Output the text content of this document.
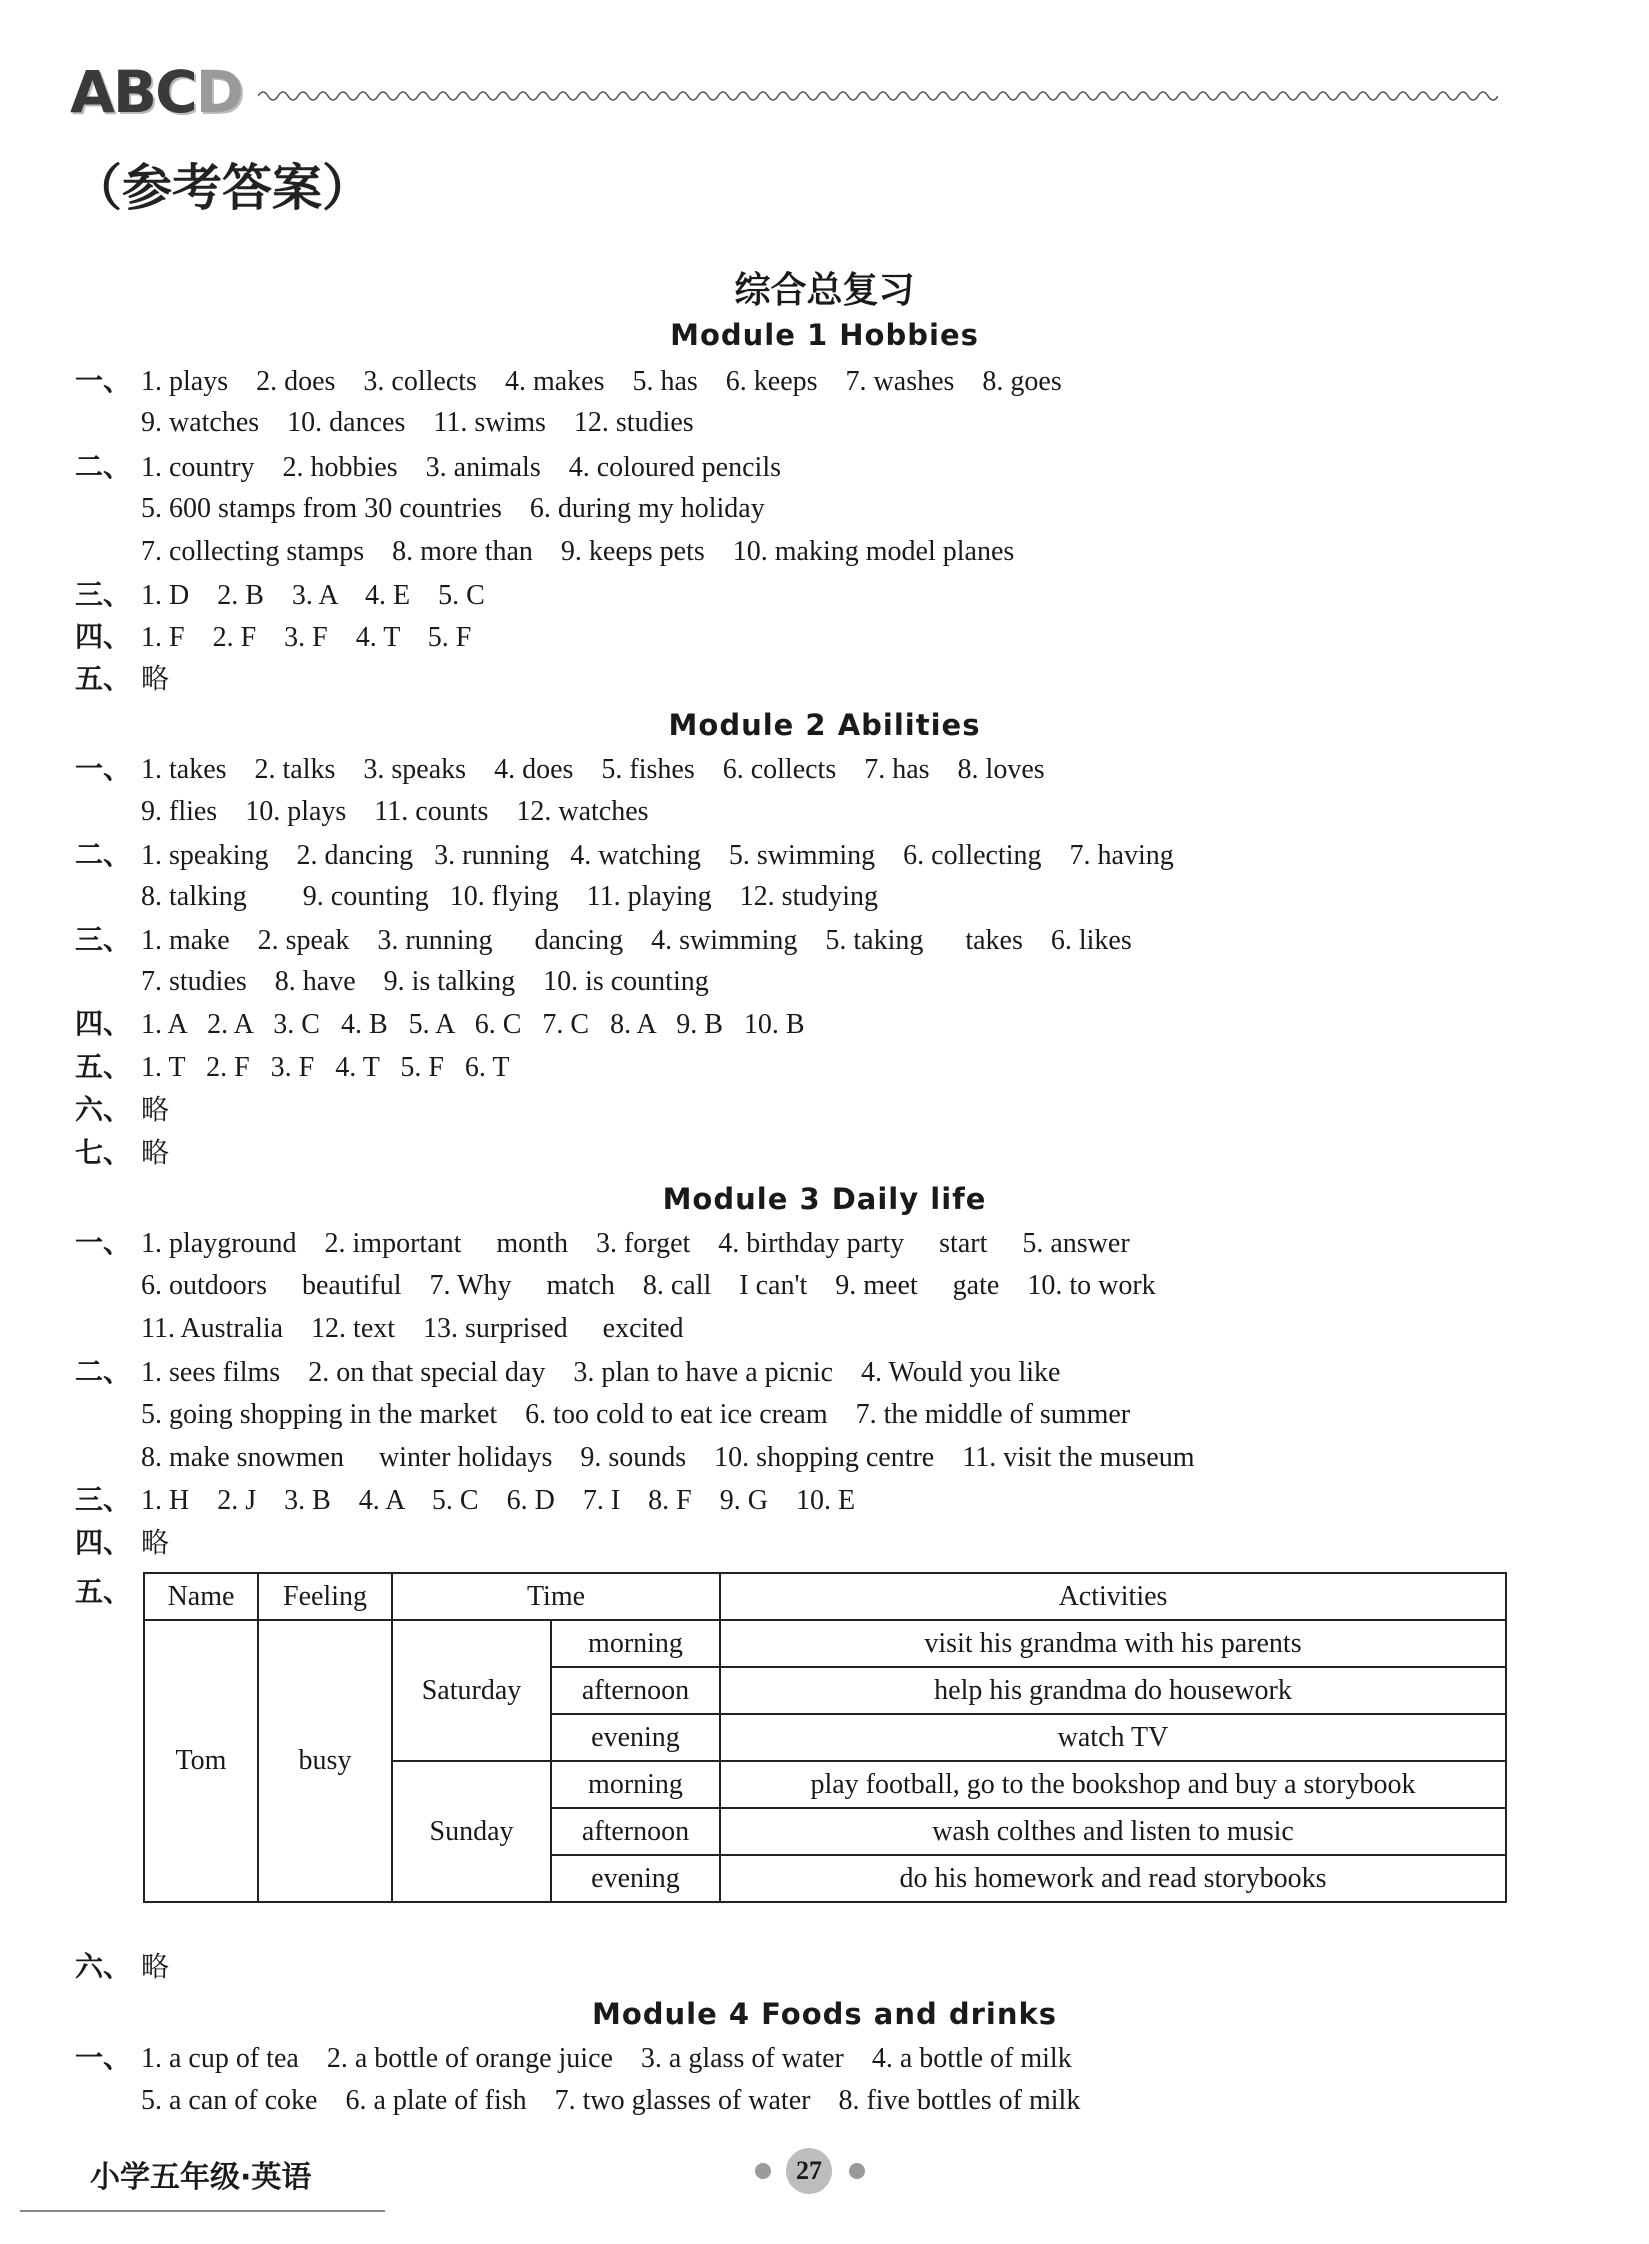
A B C D
（参考答案）
综合总复习
Module 1 Hobbies
一、 1. plays    2. does    3. collects    4. makes    5. has    6. keeps    7. washes    8. goes
9. watches    10. dances    11. swims    12. studies
二、 1. country    2. hobbies    3. animals    4. coloured pencils
5. 600 stamps from 30 countries    6. during my holiday
7. collecting stamps    8. more than    9. keeps pets    10. making model planes
三、 1. D    2. B    3. A    4. E    5. C
四、 1. F    2. F    3. F    4. T    5. F
五、 略
Module 2 Abilities
一、 1. takes    2. talks    3. speaks    4. does    5. fishes    6. collects    7. has    8. loves
9. flies    10. plays    11. counts    12. watches
二、 1. speaking    2. dancing   3. running   4. watching    5. swimming    6. collecting    7. having
8. talking        9. counting   10. flying    11. playing    12. studying
三、 1. make    2. speak    3. running      dancing    4. swimming    5. taking      takes    6. likes
7. studies    8. have    9. is talking    10. is counting
四、 1. A   2. A   3. C   4. B   5. A   6. C   7. C   8. A   9. B   10. B
五、 1. T   2. F   3. F   4. T   5. F   6. T
六、 略
七、 略
Module 3 Daily life
一、 1. playground    2. important     month    3. forget    4. birthday party     start     5. answer
6. outdoors     beautiful    7. Why     match    8. call    I can't    9. meet     gate    10. to work
11. Australia    12. text    13. surprised     excited
二、 1. sees films    2. on that special day    3. plan to have a picnic    4. Would you like
5. going shopping in the market    6. too cold to eat ice cream    7. the middle of summer
8. make snowmen     winter holidays    9. sounds    10. shopping centre    11. visit the museum
三、 1. H    2. J    3. B    4. A    5. C    6. D    7. I    8. F    9. G    10. E
四、 略
五、 Name	Feeling	Time		Activities
Tom	busy	Saturday	morning	visit his grandma with his parents
			afternoon	help his grandma do housework
			evening	watch TV
		Sunday	morning	play football, go to the bookshop and buy a storybook
			afternoon	wash colthes and listen to music
			evening	do his homework and read storybooks
六、 略
Module 4 Foods and drinks
一、 1. a cup of tea    2. a bottle of orange juice    3. a glass of water    4. a bottle of milk
5. a can of coke    6. a plate of fish    7. two glasses of water    8. five bottles of milk
小学五年级·英语	27
